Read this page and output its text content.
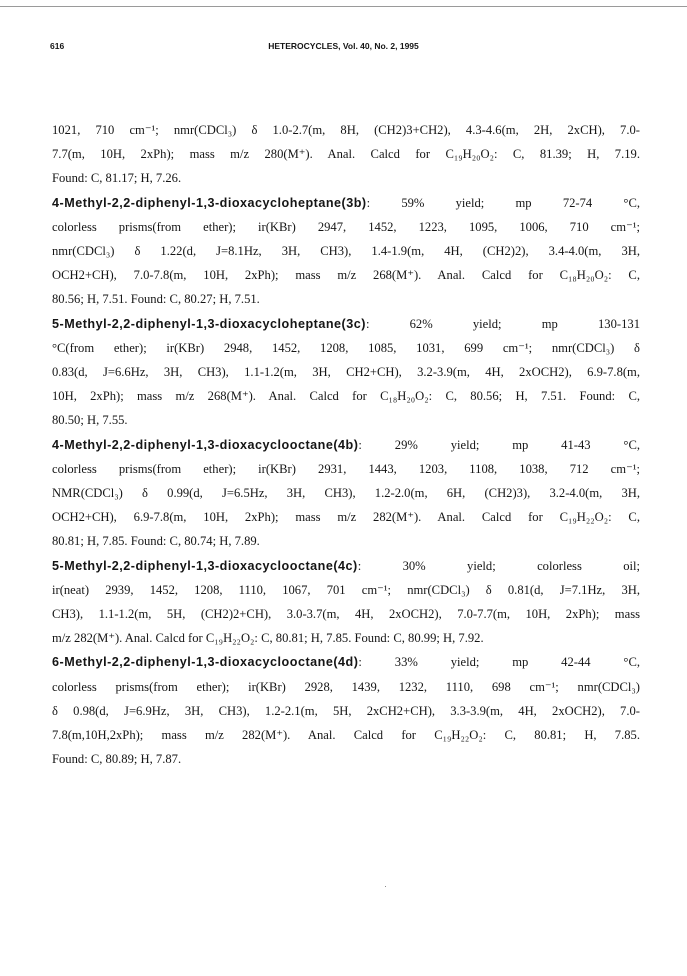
616	HETEROCYCLES, Vol. 40, No. 2, 1995

1021, 710 cm⁻¹; nmr(CDCl₃) δ 1.0-2.7(m, 8H, (CH2)3+CH2), 4.3-4.6(m, 2H, 2xCH), 7.0-
7.7(m, 10H, 2xPh); mass m/z 280(M⁺). Anal. Calcd for C₁₉H₂₀O₂: C, 81.39; H, 7.19.
Found: C, 81.17; H, 7.26.

4-Methyl-2,2-diphenyl-1,3-dioxacycloheptane(3b): 59% yield; mp 72-74 °C,
colorless prisms(from ether); ir(KBr) 2947, 1452, 1223, 1095, 1006, 710 cm⁻¹;
nmr(CDCl₃) δ 1.22(d, J=8.1Hz, 3H, CH3), 1.4-1.9(m, 4H, (CH2)2), 3.4-4.0(m, 3H,
OCH2+CH), 7.0-7.8(m, 10H, 2xPh); mass m/z 268(M⁺). Anal. Calcd for C₁₈H₂₀O₂: C,
80.56; H, 7.51. Found: C, 80.27; H, 7.51.

5-Methyl-2,2-diphenyl-1,3-dioxacycloheptane(3c): 62% yield; mp 130-131
°C(from ether); ir(KBr) 2948, 1452, 1208, 1085, 1031, 699 cm⁻¹; nmr(CDCl₃) δ
0.83(d, J=6.6Hz, 3H, CH3), 1.1-1.2(m, 3H, CH2+CH), 3.2-3.9(m, 4H, 2xOCH2), 6.9-7.8(m,
10H, 2xPh); mass m/z 268(M⁺). Anal. Calcd for C₁₈H₂₀O₂: C, 80.56; H, 7.51. Found: C,
80.50; H, 7.55.

4-Methyl-2,2-diphenyl-1,3-dioxacyclooctane(4b): 29% yield; mp 41-43 °C,
colorless prisms(from ether); ir(KBr) 2931, 1443, 1203, 1108, 1038, 712 cm⁻¹;
NMR(CDCl₃) δ 0.99(d, J=6.5Hz, 3H, CH3), 1.2-2.0(m, 6H, (CH2)3), 3.2-4.0(m, 3H,
OCH2+CH), 6.9-7.8(m, 10H, 2xPh); mass m/z 282(M⁺). Anal. Calcd for C₁₉H₂₂O₂: C,
80.81; H, 7.85. Found: C, 80.74; H, 7.89.

5-Methyl-2,2-diphenyl-1,3-dioxacyclooctane(4c): 30% yield; colorless oil;
ir(neat) 2939, 1452, 1208, 1110, 1067, 701 cm⁻¹; nmr(CDCl₃) δ 0.81(d, J=7.1Hz, 3H,
CH3), 1.1-1.2(m, 5H, (CH2)2+CH), 3.0-3.7(m, 4H, 2xOCH2), 7.0-7.7(m, 10H, 2xPh); mass
m/z 282(M⁺). Anal. Calcd for C₁₉H₂₂O₂: C, 80.81; H, 7.85. Found: C, 80.99; H, 7.92.

6-Methyl-2,2-diphenyl-1,3-dioxacyclooctane(4d): 33% yield; mp 42-44 °C,
colorless prisms(from ether); ir(KBr) 2928, 1439, 1232, 1110, 698 cm⁻¹; nmr(CDCl₃)
δ 0.98(d, J=6.9Hz, 3H, CH3), 1.2-2.1(m, 5H, 2xCH2+CH), 3.3-3.9(m, 4H, 2xOCH2), 7.0-
7.8(m,10H,2xPh); mass m/z 282(M⁺). Anal. Calcd for C₁₉H₂₂O₂: C, 80.81; H, 7.85.
Found: C, 80.89; H, 7.87.
